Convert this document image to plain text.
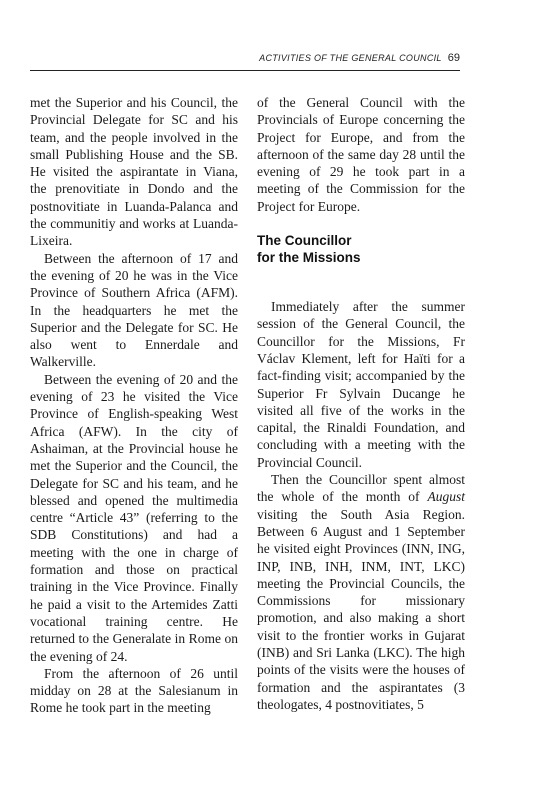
ACTIVITIES OF THE GENERAL COUNCIL 69

met the Superior and his Council, the Provincial Delegate for SC and his team, and the people involved in the small Publishing House and the SB. He visited the aspirantate in Viana, the prenovitiate in Dondo and the postnovitiate in Luanda-Palanca and the communitiy and works at Luanda-Lixeira.

Between the afternoon of 17 and the evening of 20 he was in the Vice Province of Southern Africa (AFM). In the headquarters he met the Superior and the Delegate for SC. He also went to Ennerdale and Walkerville.

Between the evening of 20 and the evening of 23 he visited the Vice Province of English-speaking West Africa (AFW). In the city of Ashaiman, at the Provincial house he met the Superior and the Council, the Delegate for SC and his team, and he blessed and opened the multimedia centre “Article 43” (referring to the SDB Constitutions) and had a meeting with the one in charge of formation and those on practical training in the Vice Province. Finally he paid a visit to the Artemides Zatti vocational training centre. He returned to the Generalate in Rome on the evening of 24.

From the afternoon of 26 until midday on 28 at the Salesianum in Rome he took part in the meeting

of the General Council with the Provincials of Europe concerning the Project for Europe, and from the afternoon of the same day 28 until the evening of 29 he took part in a meeting of the Commission for the Project for Europe.

The Councillor
for the Missions

Immediately after the summer session of the General Council, the Councillor for the Missions, Fr Václav Klement, left for Haïti for a fact-finding visit; accompanied by the Superior Fr Sylvain Ducange he visited all five of the works in the capital, the Rinaldi Foundation, and concluding with a meeting with the Provincial Council.

Then the Councillor spent almost the whole of the month of August visiting the South Asia Region. Between 6 August and 1 September he visited eight Provinces (INN, ING, INP, INB, INH, INM, INT, LKC) meeting the Provincial Councils, the Commissions for missionary promotion, and also making a short visit to the frontier works in Gujarat (INB) and Sri Lanka (LKC). The high points of the visits were the houses of formation and the aspirantates (3 theologates, 4 postnovitiates, 5
